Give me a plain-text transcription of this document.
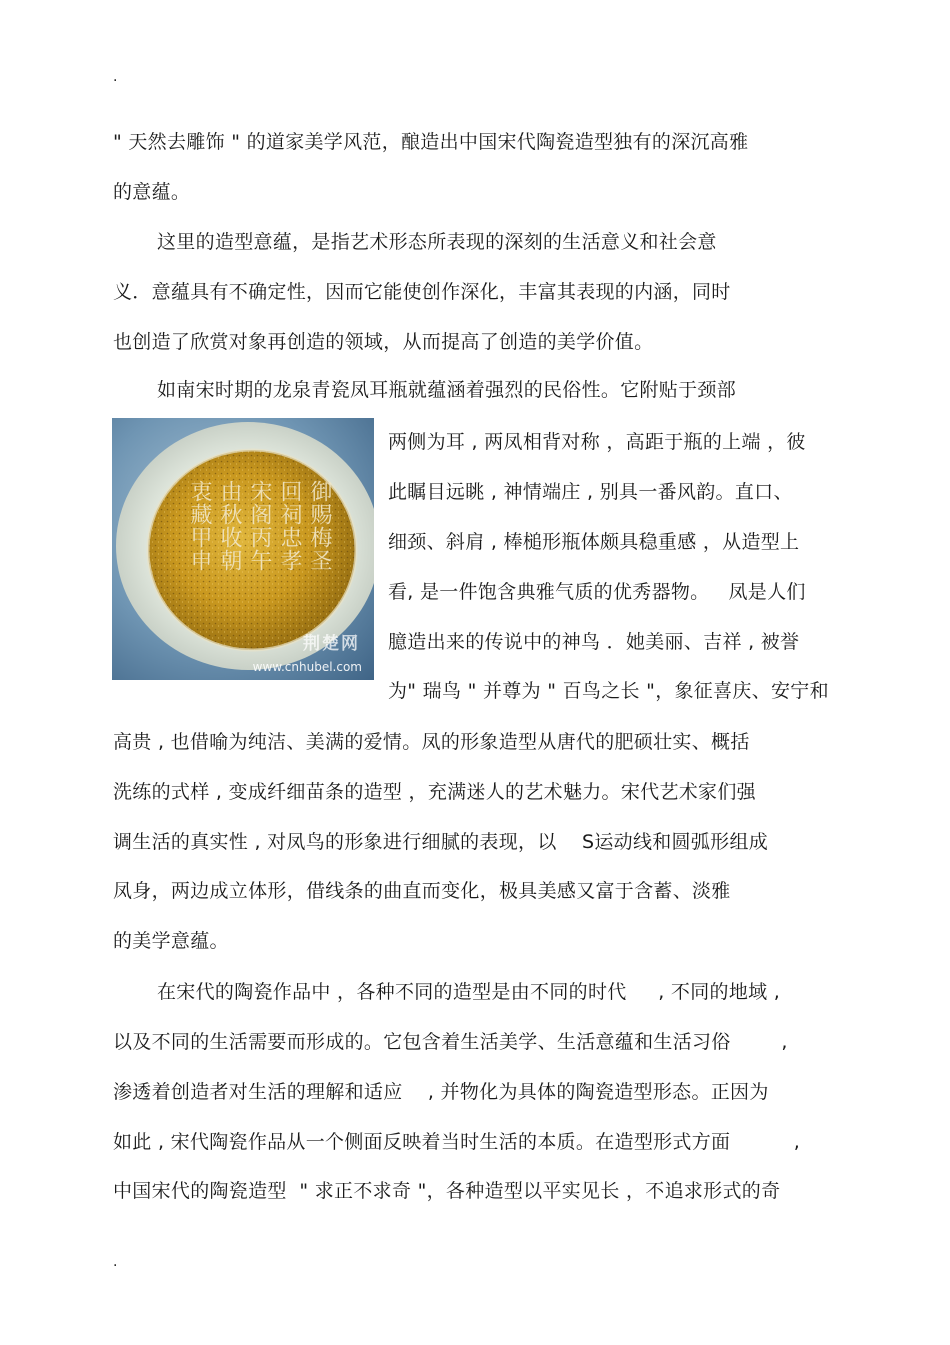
.
" 天然去雕饰 " 的道家美学风范，酿造出中国宋代陶瓷造型独有的深沉高雅
的意蕴。
这里的造型意蕴，是指艺术形态所表现的深刻的生活意义和社会意
义．意蕴具有不确定性，因而它能使创作深化，丰富其表现的内涵，同时
也创造了欣赏对象再创造的领域，从而提高了创造的美学价值。
如南宋时期的龙泉青瓷凤耳瓶就蕴涵着强烈的民俗性。它附贴于颈部
两侧为耳 , 两凤相背对称 ，高距于瓶的上端 ，彼
此瞩目远眺 , 神情端庄 , 别具一番风韵。直口、
细颈、斜肩 , 棒槌形瓶体颇具稳重感 ，从造型上
看, 是一件饱含典雅气质的优秀器物。   凤是人们
臆造出来的传说中的神鸟 ．她美丽、吉祥 , 被誉
为" 瑞鸟 " 并尊为 " 百鸟之长 "，象征喜庆、安宁和
高贵 , 也借喻为纯洁、美满的爱情。凤的形象造型从唐代的肥硕壮实、概括
洗练的式样 , 变成纤细苗条的造型 ，充满迷人的艺术魅力。宋代艺术家们强
调生活的真实性 , 对凤鸟的形象进行细腻的表现，以    S运动线和圆弧形组成
凤身，两边成立体形，借线条的曲直而变化，极具美感又富于含蓄、淡雅
的美学意蕴。
在宋代的陶瓷作品中 ，各种不同的造型是由不同的时代     , 不同的地域 ,
以及不同的生活需要而形成的。它包含着生活美学、生活意蕴和生活习俗        ,
渗透着创造者对生活的理解和适应    , 并物化为具体的陶瓷造型形态。正因为
如此 , 宋代陶瓷作品从一个侧面反映着当时生活的本质。在造型形式方面          ,
中国宋代的陶瓷造型  " 求正不求奇 "，各种造型以平实见长 ，不追求形式的奇
御赐梅圣
回祠忠孝
宋阁丙午
由秋收朝
衷藏甲申
荆楚网
www.cnhubel.com
.
